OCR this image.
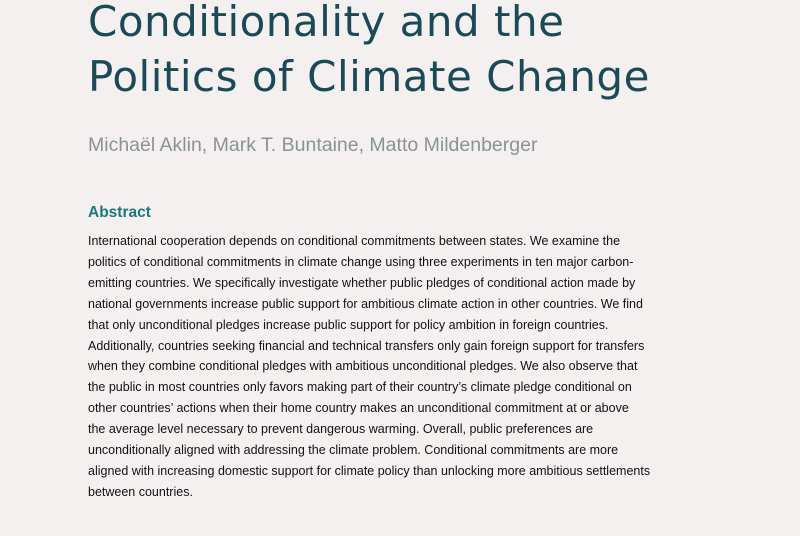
Conditionality and the
Politics of Climate Change

Michaël Aklin, Mark T. Buntaine, Matto Mildenberger

Abstract
International cooperation depends on conditional commitments between states. We examine the
politics of conditional commitments in climate change using three experiments in ten major carbon-
emitting countries. We specifically investigate whether public pledges of conditional action made by
national governments increase public support for ambitious climate action in other countries. We find
that only unconditional pledges increase public support for policy ambition in foreign countries.
Additionally, countries seeking financial and technical transfers only gain foreign support for transfers
when they combine conditional pledges with ambitious unconditional pledges. We also observe that
the public in most countries only favors making part of their country’s climate pledge conditional on
other countries’ actions when their home country makes an unconditional commitment at or above
the average level necessary to prevent dangerous warming. Overall, public preferences are
unconditionally aligned with addressing the climate problem. Conditional commitments are more
aligned with increasing domestic support for climate policy than unlocking more ambitious settlements
between countries.
